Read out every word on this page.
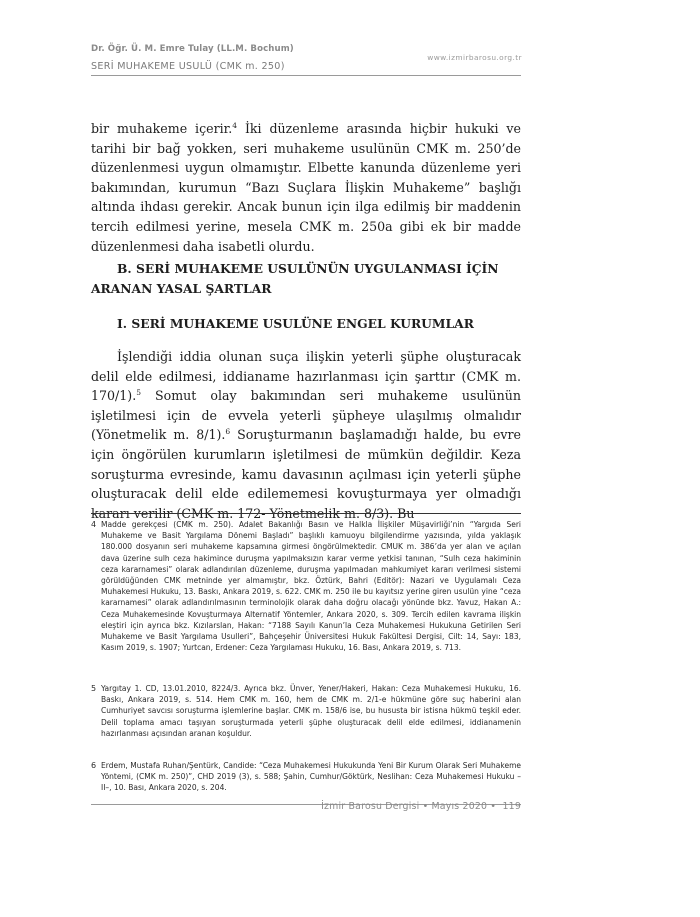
Dr. Öğr. Ü. M. Emre Tulay (LL.M. Bochum)
SERİ MUHAKEME USULÜ (CMK m. 250)
www.izmirbarosu.org.tr
bir muhakeme içerir.$^4$ İki düzenleme arasında hiçbir hukuki ve tarihi bir bağ yokken, seri muhakeme usulünün CMK m. 250’de düzenlenmesi uygun olmamıştır. Elbette kanunda düzenleme yeri bakımından, kurumun “Bazı Suçlara İlişkin Muhakeme” başlığı altında ihdası gerekir. Ancak bunun için ilga edilmiş bir maddenin tercih edilmesi yerine, mesela CMK m. 250a gibi ek bir madde düzenlenmesi daha isabetli olurdu.
B. SERİ MUHAKEME USULÜNÜN UYGULANMASI İÇİN ARANAN YASAL ŞARTLAR
I. SERİ MUHAKEME USULÜNE ENGEL KURUMLAR
İşlendiği iddia olunan suça ilişkin yeterli şüphe oluşturacak delil elde edilmesi, iddianame hazırlanması için şarttır (CMK m. 170/1).$^5$ Somut olay bakımından seri muhakeme usulünün işletilmesi için de evvela yeterli şüpheye ulaşılmış olmalıdır (Yönetmelik m. 8/1).$^6$ Soruşturmanın başlamadığı halde, bu evre için öngörülen kurumların işletilmesi de mümkün değildir. Keza soruşturma evresinde, kamu davasının açılması için yeterli şüphe oluşturacak delil elde edilememesi kovuşturmaya yer olmadığı kararı verilir (CMK m. 172- Yönetmelik m. 8/3). Bu
4 Madde gerekçesi (CMK m. 250). Adalet Bakanlığı Basın ve Halkla İlişkiler Müşavirliği’nin “Yargıda Seri Muhakeme ve Basit Yargılama Dönemi Başladı” başlıklı kamuoyu bilgilendirme yazısında, yılda yaklaşık 180.000 dosyanın seri muhakeme kapsamına girmesi öngörülmektedir. CMUK m. 386’da yer alan ve açılan dava üzerine sulh ceza hakimince duruşma yapılmaksızın karar verme yetkisi tanınan, “Sulh ceza hakiminin ceza kararnamesi” olarak adlandırılan düzenleme, duruşma yapılmadan mahkumiyet kararı verilmesi sistemi görüldüğünden CMK metninde yer almamıştır, bkz. Öztürk, Bahri (Editör): Nazari ve Uygulamalı Ceza Muhakemesi Hukuku, 13. Baskı, Ankara 2019, s. 622. CMK m. 250 ile bu kayıtsız yerine giren usulün yine “ceza kararnamesi” olarak adlandırılmasının terminolojik olarak daha doğru olacağı yönünde bkz. Yavuz, Hakan A.: Ceza Muhakemesinde Kovuşturmaya Alternatif Yöntemler, Ankara 2020, s. 309. Tercih edilen kavrama ilişkin eleştiri için ayrıca bkz. Kızılarslan, Hakan: “7188 Sayılı Kanun’la Ceza Muhakemesi Hukukuna Getirilen Seri Muhakeme ve Basit Yargılama Usulleri”, Bahçeşehir Üniversitesi Hukuk Fakültesi Dergisi, Cilt: 14, Sayı: 183, Kasım 2019, s. 1907; Yurtcan, Erdener: Ceza Yargılaması Hukuku, 16. Bası, Ankara 2019, s. 713.
5 Yargıtay 1. CD, 13.01.2010, 8224/3. Ayrıca bkz. Ünver, Yener/Hakeri, Hakan: Ceza Muhakemesi Hukuku, 16. Baskı, Ankara 2019, s. 514. Hem CMK m. 160, hem de CMK m. 2/1-e hükmüne göre suç haberini alan Cumhuriyet savcısı soruşturma işlemlerine başlar. CMK m. 158/6 ise, bu hususta bir istisna hükmü teşkil eder. Delil toplama amacı taşıyan soruşturmada yeterli şüphe oluşturacak delil elde edilmesi, iddianamenin hazırlanması açısından aranan koşuldur.
6 Erdem, Mustafa Ruhan/Şentürk, Candide: “Ceza Muhakemesi Hukukunda Yeni Bir Kurum Olarak Seri Muhakeme Yöntemi, (CMK m. 250)”, CHD 2019 (3), s. 588; Şahin, Cumhur/Göktürk, Neslihan: Ceza Muhakemesi Hukuku –II–, 10. Bası, Ankara 2020, s. 204.
İzmir Barosu Dergisi • Mayıs 2020 • 119
